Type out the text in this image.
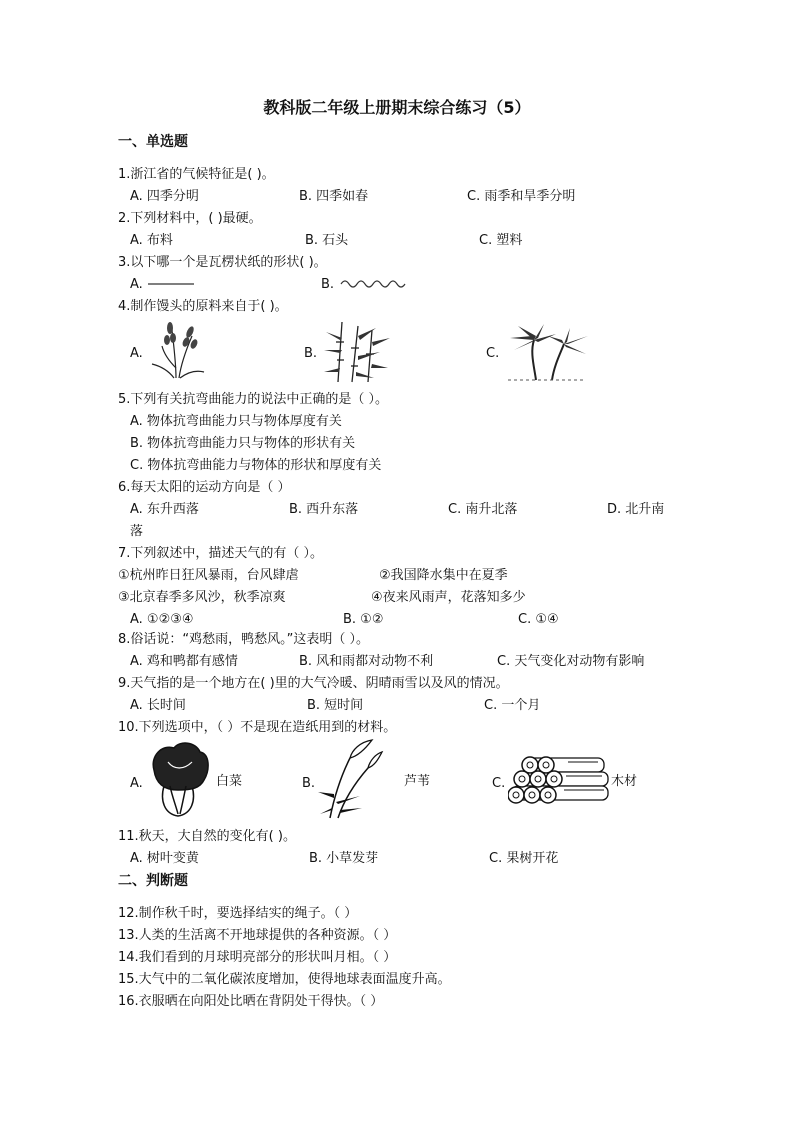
教科版二年级上册期末综合练习（5）
一、单选题
1.浙江省的气候特征是( )。
A. 四季分明	B. 四季如春	C. 雨季和旱季分明
2.下列材料中，( )最硬。
A. 布料	B. 石头	C. 塑料
3.以下哪一个是瓦楞状纸的形状( )。
A.	B.
4.制作馒头的原料来自于( )。
A.	B.	C.
5.下列有关抗弯曲能力的说法中正确的是（ ）。
A. 物体抗弯曲能力只与物体厚度有关
B. 物体抗弯曲能力只与物体的形状有关
C. 物体抗弯曲能力与物体的形状和厚度有关
6.每天太阳的运动方向是（ ）
A. 东升西落	B. 西升东落	C. 南升北落	D. 北升南
落
7.下列叙述中，描述天气的有（ ）。
①杭州昨日狂风暴雨，台风肆虐	②我国降水集中在夏季
③北京春季多风沙，秋季凉爽	④夜来风雨声，花落知多少
A. ①②③④	B. ①②	C. ①④
8.俗话说：“鸡愁雨，鸭愁风。”这表明（ ）。
A. 鸡和鸭都有感情	B. 风和雨都对动物不利	C. 天气变化对动物有影响
9.天气指的是一个地方在( )里的大气冷暖、阴晴雨雪以及风的情况。
A. 长时间	B. 短时间	C. 一个月
10.下列选项中，（ ）不是现在造纸用到的材料。
A.	白菜	B.	芦苇	C.	木材
11.秋天，大自然的变化有( )。
A. 树叶变黄	B. 小草发芽	C. 果树开花
二、判断题
12.制作秋千时，要选择结实的绳子。（ ）
13.人类的生活离不开地球提供的各种资源。（ ）
14.我们看到的月球明亮部分的形状叫月相。（ ）
15.大气中的二氧化碳浓度增加，使得地球表面温度升高。
16.衣服晒在向阳处比晒在背阴处干得快。（ ）
